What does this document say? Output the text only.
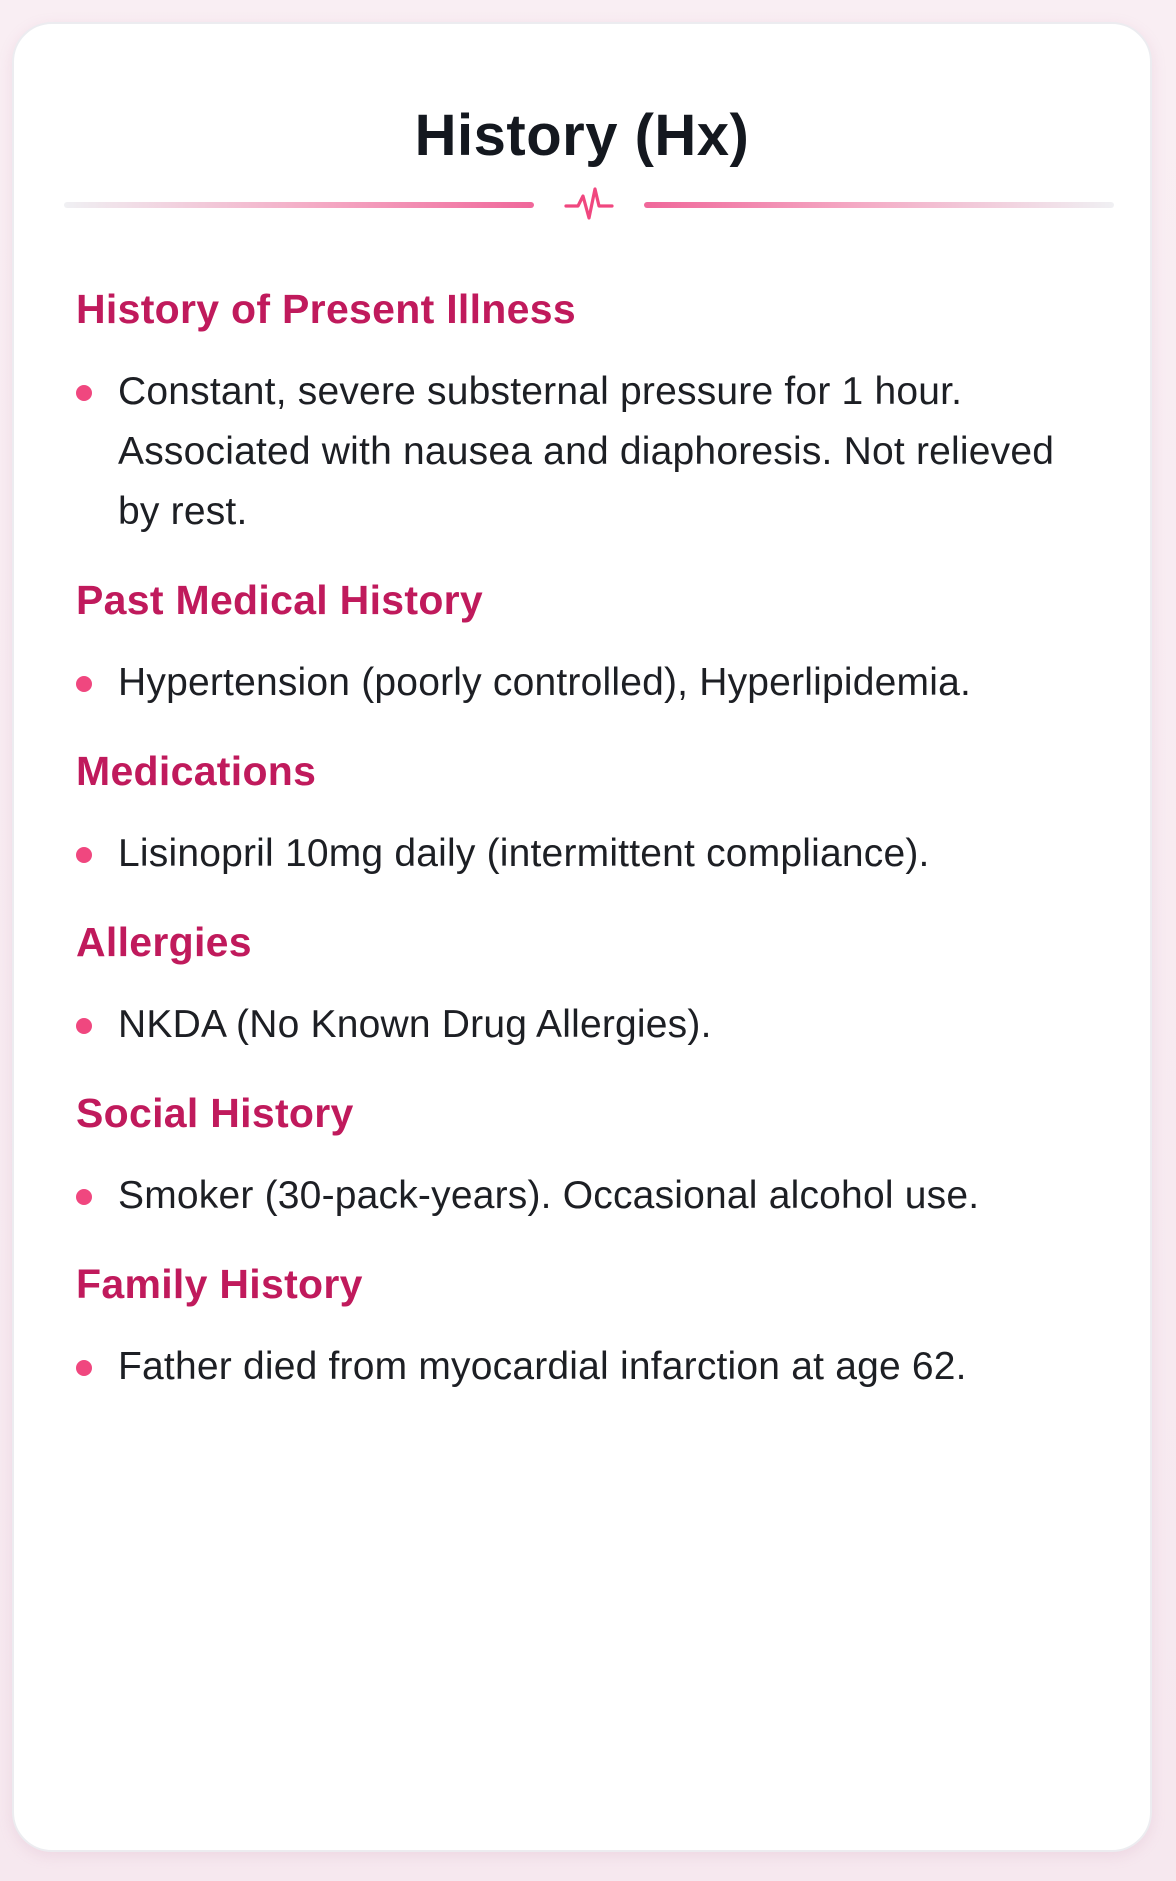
History (Hx)
History of Present Illness
Constant, severe substernal pressure for 1 hour. Associated with nausea and diaphoresis. Not relieved by rest.
Past Medical History
Hypertension (poorly controlled), Hyperlipidemia.
Medications
Lisinopril 10mg daily (intermittent compliance).
Allergies
NKDA (No Known Drug Allergies).
Social History
Smoker (30-pack-years). Occasional alcohol use.
Family History
Father died from myocardial infarction at age 62.
